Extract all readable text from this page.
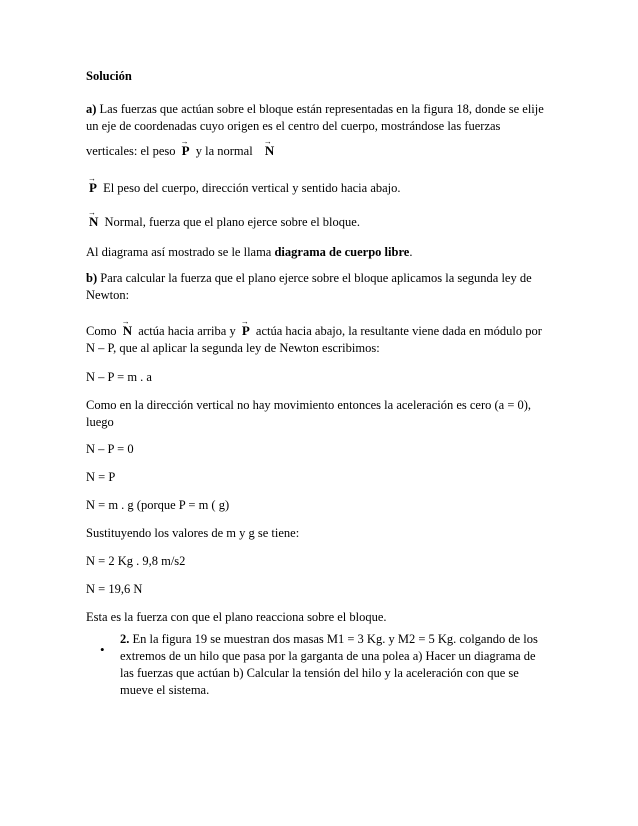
Solución

a) Las fuerzas que actúan sobre el bloque están representadas en la figura 18, donde se elije
un eje de coordenadas cuyo origen es el centro del cuerpo, mostrándose las fuerzas
verticales: el peso → P y la normal → N
→ P El peso del cuerpo, dirección vertical y sentido hacia abajo.
→ N Normal, fuerza que el plano ejerce sobre el bloque.
Al diagrama así mostrado se le llama diagrama de cuerpo libre.
b) Para calcular la fuerza que el plano ejerce sobre el bloque aplicamos la segunda ley de
Newton:
Como → N actúa hacia arriba y → P actúa hacia abajo, la resultante viene dada en módulo por
N – P, que al aplicar la segunda ley de Newton escribimos:
N – P = m . a
Como en la dirección vertical no hay movimiento entonces la aceleración es cero (a = 0),
luego
N – P = 0
N = P
N = m . g (porque P = m ( g)
Sustituyendo los valores de m y g se tiene:
N = 2 Kg . 9,8 m/s2
N = 19,6 N
Esta es la fuerza con que el plano reacciona sobre el bloque.
•
2. En la figura 19 se muestran dos masas M1 = 3 Kg. y M2 = 5 Kg. colgando de los
extremos de un hilo que pasa por la garganta de una polea a) Hacer un diagrama de
las fuerzas que actúan b) Calcular la tensión del hilo y la aceleración con que se
mueve el sistema.
